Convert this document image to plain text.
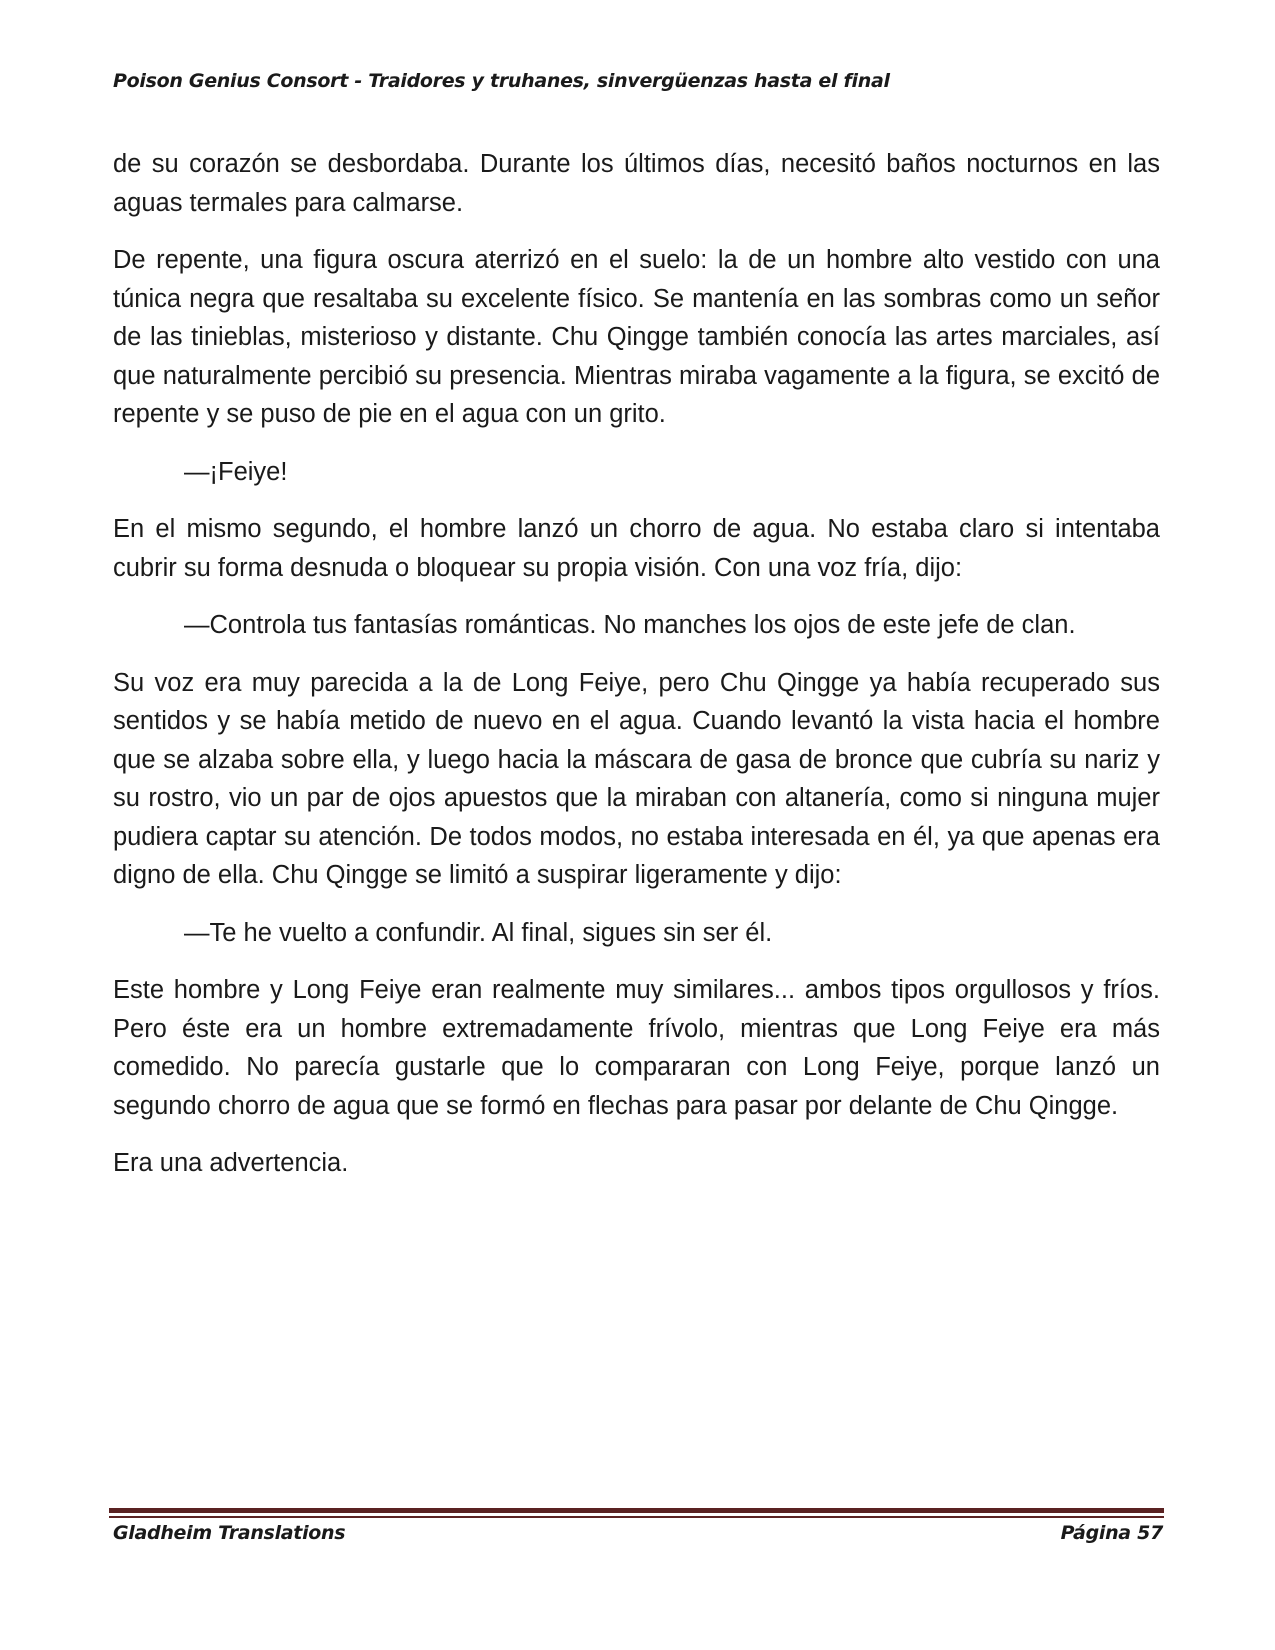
Poison Genius Consort - Traidores y truhanes, sinvergüenzas hasta el final

de su corazón se desbordaba. Durante los últimos días, necesitó baños nocturnos en las aguas termales para calmarse.

De repente, una figura oscura aterrizó en el suelo: la de un hombre alto vestido con una túnica negra que resaltaba su excelente físico. Se mantenía en las sombras como un señor de las tinieblas, misterioso y distante. Chu Qingge también conocía las artes marciales, así que naturalmente percibió su presencia. Mientras miraba vagamente a la figura, se excitó de repente y se puso de pie en el agua con un grito.

—¡Feiye!

En el mismo segundo, el hombre lanzó un chorro de agua. No estaba claro si intentaba cubrir su forma desnuda o bloquear su propia visión. Con una voz fría, dijo:

—Controla tus fantasías románticas. No manches los ojos de este jefe de clan.

Su voz era muy parecida a la de Long Feiye, pero Chu Qingge ya había recuperado sus sentidos y se había metido de nuevo en el agua. Cuando levantó la vista hacia el hombre que se alzaba sobre ella, y luego hacia la máscara de gasa de bronce que cubría su nariz y su rostro, vio un par de ojos apuestos que la miraban con altanería, como si ninguna mujer pudiera captar su atención. De todos modos, no estaba interesada en él, ya que apenas era digno de ella. Chu Qingge se limitó a suspirar ligeramente y dijo:

—Te he vuelto a confundir. Al final, sigues sin ser él.

Este hombre y Long Feiye eran realmente muy similares... ambos tipos orgullosos y fríos. Pero éste era un hombre extremadamente frívolo, mientras que Long Feiye era más comedido. No parecía gustarle que lo compararan con Long Feiye, porque lanzó un segundo chorro de agua que se formó en flechas para pasar por delante de Chu Qingge.

Era una advertencia.

Gladheim Translations	Página 57
